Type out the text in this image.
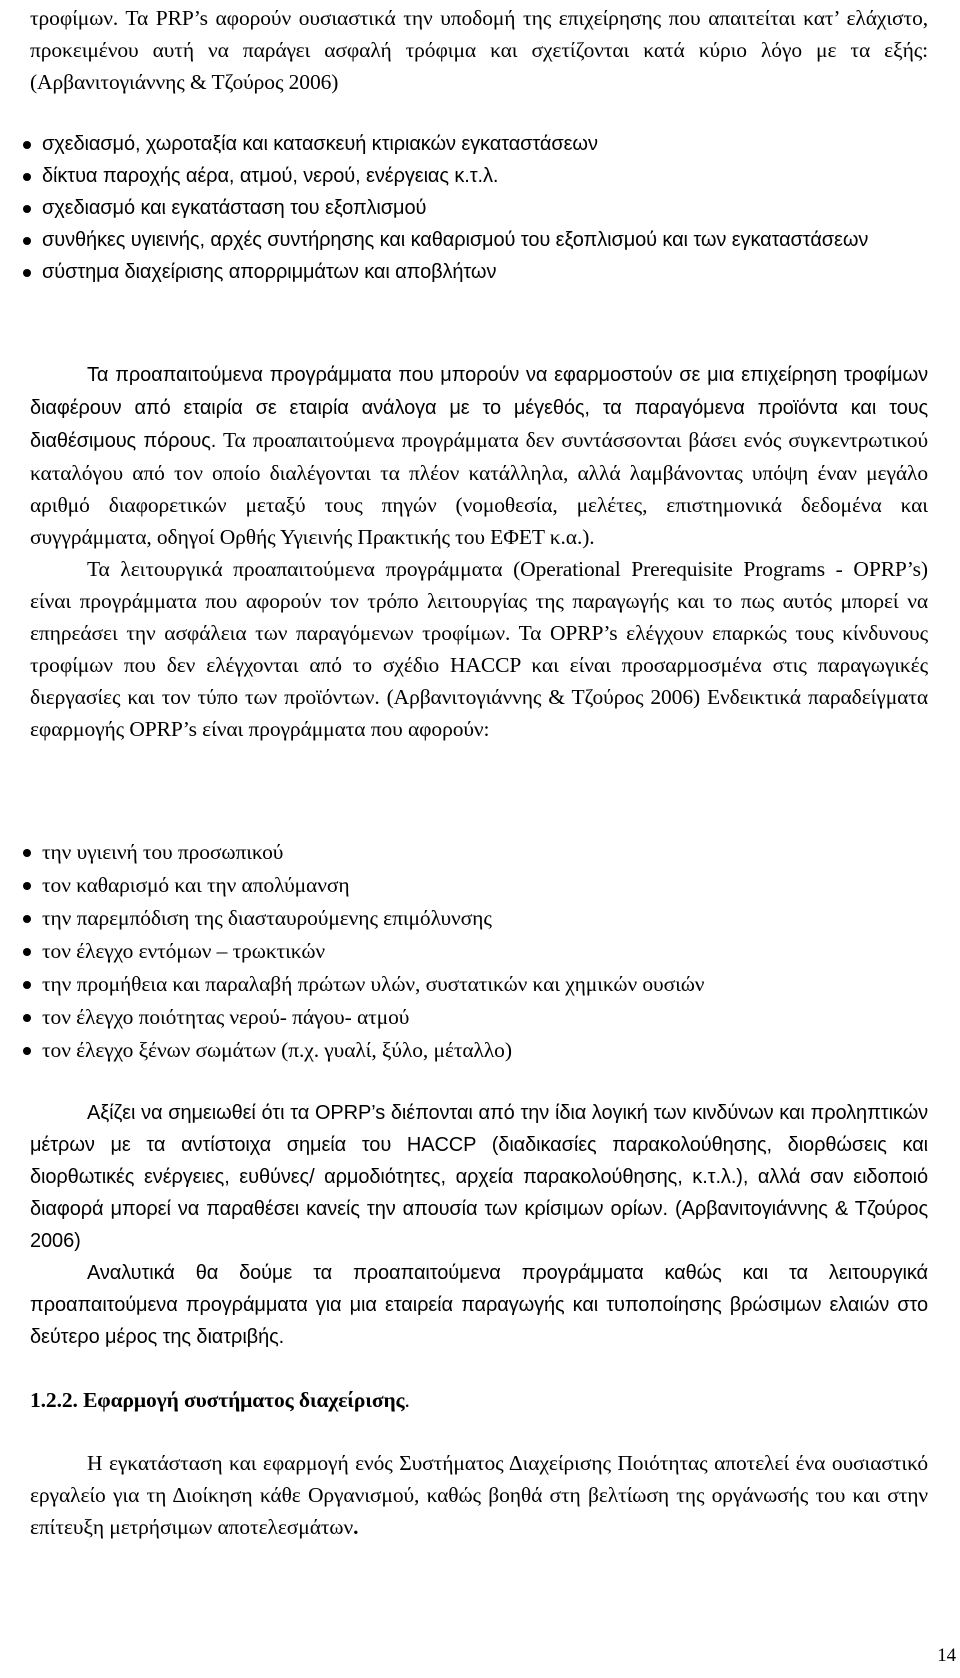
τροφίμων. Τα PRP’s αφορούν ουσιαστικά την υποδομή της επιχείρησης που απαιτείται κατ’ ελάχιστο, προκειμένου αυτή να παράγει ασφαλή τρόφιμα και σχετίζονται κατά κύριο λόγο με τα εξής: (Αρβανιτογιάννης & Τζούρος 2006)

σχεδιασμό, χωροταξία και κατασκευή κτιριακών εγκαταστάσεων
δίκτυα παροχής αέρα, ατμού, νερού, ενέργειας κ.τ.λ.
σχεδιασμό και εγκατάσταση του εξοπλισμού
συνθήκες υγιεινής, αρχές συντήρησης και καθαρισμού του εξοπλισμού και των εγκαταστάσεων
σύστημα διαχείρισης απορριμμάτων και αποβλήτων

Τα προαπαιτούμενα προγράμματα που μπορούν να εφαρμοστούν σε μια επιχείρηση τροφίμων διαφέρουν από εταιρία σε εταιρία ανάλογα με το μέγεθός, τα παραγόμενα προϊόντα και τους διαθέσιμους πόρους. Τα προαπαιτούμενα προγράμματα δεν συντάσσονται βάσει ενός συγκεντρωτικού καταλόγου από τον οποίο διαλέγονται τα πλέον κατάλληλα, αλλά λαμβάνοντας υπόψη έναν μεγάλο αριθμό διαφορετικών μεταξύ τους πηγών (νομοθεσία, μελέτες, επιστημονικά δεδομένα και συγγράμματα, οδηγοί Ορθής Υγιεινής Πρακτικής του ΕΦΕΤ κ.α.).

Τα λειτουργικά προαπαιτούμενα προγράμματα (Operational Prerequisite Programs - OPRP’s) είναι προγράμματα που αφορούν τον τρόπο λειτουργίας της παραγωγής και το πως αυτός μπορεί να επηρεάσει την ασφάλεια των παραγόμενων τροφίμων. Τα OPRP’s ελέγχουν επαρκώς τους κίνδυνους τροφίμων που δεν ελέγχονται από το σχέδιο HACCP και είναι προσαρμοσμένα στις παραγωγικές διεργασίες και τον τύπο των προϊόντων. (Αρβανιτογιάννης & Τζούρος 2006) Ενδεικτικά παραδείγματα εφαρμογής OPRP’s είναι προγράμματα που αφορούν:

την υγιεινή του προσωπικού
τον καθαρισμό και την απολύμανση
την παρεμπόδιση της διασταυρούμενης επιμόλυνσης
τον έλεγχο εντόμων – τρωκτικών
την προμήθεια και παραλαβή πρώτων υλών, συστατικών και χημικών ουσιών
τον έλεγχο ποιότητας νερού- πάγου- ατμού
τον έλεγχο ξένων σωμάτων (π.χ. γυαλί, ξύλο, μέταλλο)

Αξίζει να σημειωθεί ότι τα OPRP’s διέπονται από την ίδια λογική των κινδύνων και προληπτικών μέτρων με τα αντίστοιχα σημεία του HACCP (διαδικασίες παρακολούθησης, διορθώσεις και διορθωτικές ενέργειες, ευθύνες/ αρμοδιότητες, αρχεία παρακολούθησης, κ.τ.λ.), αλλά σαν ειδοποιό διαφορά μπορεί να παραθέσει κανείς την απουσία των κρίσιμων ορίων. (Αρβανιτογιάννης & Τζούρος 2006)

Αναλυτικά θα δούμε τα προαπαιτούμενα προγράμματα καθώς και τα λειτουργικά προαπαιτούμενα προγράμματα για μια εταιρεία παραγωγής και τυποποίησης βρώσιμων ελαιών στο δεύτερο μέρος της διατριβής.

1.2.2. Εφαρμογή συστήματος διαχείρισης.

Η εγκατάσταση και εφαρμογή ενός Συστήματος Διαχείρισης Ποιότητας αποτελεί ένα ουσιαστικό εργαλείο για τη Διοίκηση κάθε Οργανισμού, καθώς βοηθά στη βελτίωση της οργάνωσής του και στην επίτευξη μετρήσιμων αποτελεσμάτων.

14
